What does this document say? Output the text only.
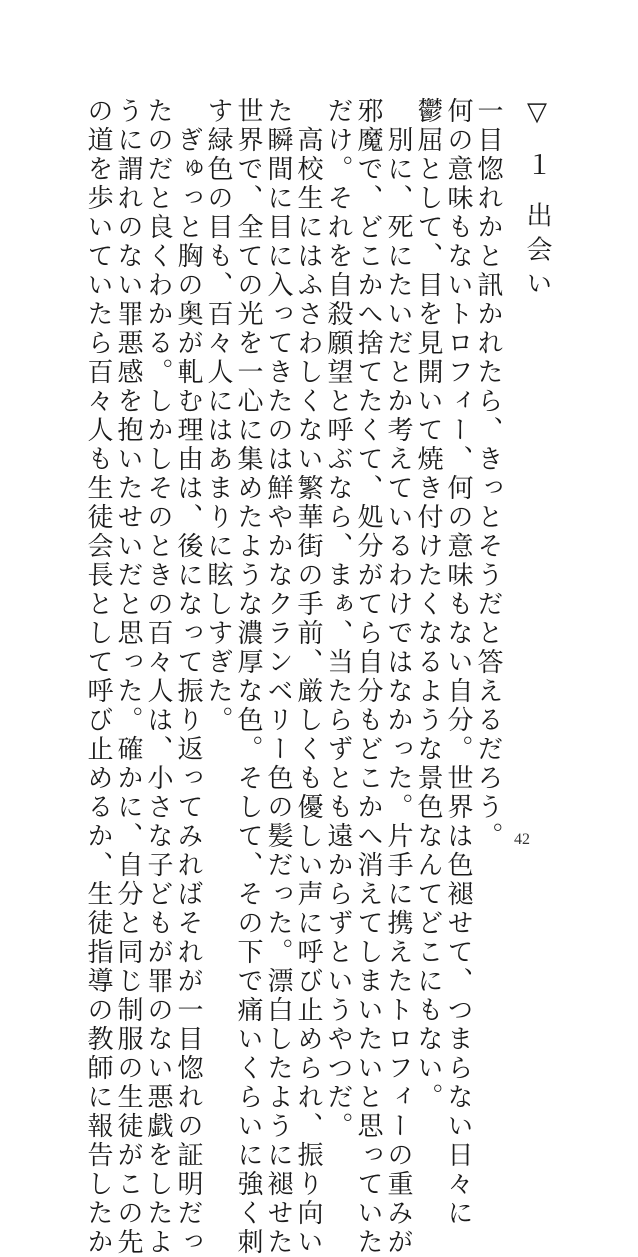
▽ １ 出会い
一目惚れかと訊かれたら、きっとそうだと答えるだろう。
何の意味もないトロフィー、何の意味もない自分。世界は色褪せて、つまらない日々に
鬱屈として、目を見開いて焼き付けたくなるような景色なんてどこにもない。
　別に、死にたいだとか考えているわけではなかった。片手に携えたトロフィーの重みが
邪魔で、どこかへ捨てたくて、処分がてら自分もどこかへ消えてしまいたいと思っていた
だけ。それを自殺願望と呼ぶなら、まぁ、当たらずとも遠からずというやつだ。
　高校生にはふさわしくない繁華街の手前、厳しくも優しい声に呼び止められ、振り向い
た瞬間に目に入ってきたのは鮮やかなクランベリー色の髪だった。漂白したように褪せた
世界で、全ての光を一心に集めたような濃厚な色。そして、その下で痛いくらいに強く刺
す緑色の目も、百々人にはあまりに眩しすぎた。
　ぎゅっと胸の奥が軋む理由は、後になって振り返ってみればそれが一目惚れの証明だっ
たのだと良くわかる。しかしそのときの百々人は、小さな子どもが罪のない悪戯をしたよ
うに謂れのない罪悪感を抱いたせいだと思った。確かに、自分と同じ制服の生徒がこの先
の道を歩いていたら百々人も生徒会長として呼び止めるか、生徒指導の教師に報告したか	42
